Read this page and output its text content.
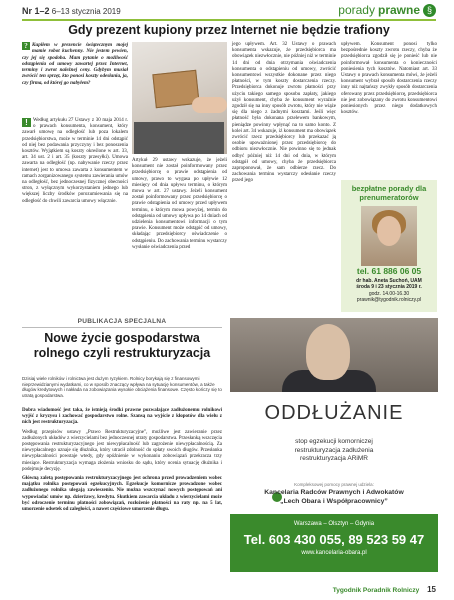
Nr 1–2 6–13 stycznia 2019	porady prawne §
Gdy prezent kupiony przez Internet nie będzie trafiony
? Kupiłem w prezencie świątecznym mojej mamie robot kuchenny. Nie jestem pewien, czy jej się spodoba. Mam pytanie o możliwość odstąpienia od umowy zawartej przez Internet, terminy i zwrot należnej ceny. Gdybym musiał zwrócić ten sprzęt, kto ponosi koszty odesłania, ja, czy firma, od której go nabyłem?
!	Według artykułu 27 Ustawy z 30 maja 2014 r. o prawach konsumenta, konsument, który zawarł umowę na odległość lub poza lokalem przedsiębiorstwa, może w terminie 14 dni odstąpić od niej bez podawania przyczyny i bez ponoszenia kosztów. Wyjątkiem są koszty określone w art. 33, art. 34 ust. 2 i art. 35 (koszty przesyłki). Umowa zawarta na odległość (np. nabywanie rzeczy przez internet) jest to umowa zawarta z konsumentem w ramach zorganizowanego systemu zawierania umów na odległość, bez jednoczesnej fizycznej obecności stron, z wyłącznym wykorzystaniem jednego lub większej liczby środków porozumiewania się na odległość do chwili zawarcia umowy włącznie.
Artykuł 29 ustawy wskazuje, że jeżeli konsument nie został poinformowany przez przedsiębiorcę o prawie odstąpienia od umowy, prawo to wygasa po upływie 12 miesięcy od dnia upływu terminu, o którym mowa w art. 27 ustawy. Jeżeli konsument został poinformowany przez przedsiębiorcę o prawie odstąpienia od umowy przed upływem terminu, o którym mowa powyżej, termin do odstąpienia od umowy upływa po 14 dniach od udzielenia konsumentowi informacji o tym prawie. Konsument może odstąpić od umowy, składając przedsiębiorcy oświadczenie o odstąpieniu. Do zachowania terminu wystarczy wysłanie oświadczenia przed
jego upływem. Art. 32 Ustawy o prawach konsumenta wskazuje, że przedsiębiorca ma obowiązek niezwłocznie, nie później niż w terminie 14 dni od dnia otrzymania oświadczenia konsumenta o odstąpieniu od umowy, zwrócić konsumentowi wszystkie dokonane przez niego płatności, w tym koszty dostarczenia rzeczy. Przedsiębiorca dokonuje zwrotu płatności przy użyciu takiego samego sposobu zapłaty, jakiego użył konsument, chyba że konsument wyraźnie zgodził się na inny sposób zwrotu, który nie wiąże się dla niego z żadnymi kosztami. Jeśli więc płatność była dokonana przelewem bankowym, pieniądze powinny wpłynąć na to samo konto. Z kolei art. 34 wskazuje, iż konsument ma obowiązek zwrócić rzecz przedsiębiorcy lub przekazać ją osobie upoważnionej przez przedsiębiorcę do odbioru niezwłocznie. Nie powinno się to jednak odbyć później niż 14 dni od dnia, w którym odstąpił od umowy, chyba że przedsiębiorca zaproponował, że sam odbierze rzecz. Do zachowania terminu wystarczy odesłanie rzeczy przed jego
upływem. Konsument ponosi tylko bezpośrednie koszty zwrotu rzeczy, chyba że przedsiębiorca zgodził się je ponieść lub nie poinformował konsumenta o konieczności poniesienia tych kosztów. Natomiast art. 33 Ustawy o prawach konsumenta mówi, że jeżeli konsument wybrał sposób dostarczenia rzeczy inny niż najtańszy zwykły sposób dostarczenia oferowany przez przedsiębiorcę, przedsiębiorca nie jest zobowiązany do zwrotu konsumentowi poniesionych przez niego dodatkowych kosztów.
bezpłatne porady dla prenumeratorów
tel. 61 886 06 05
dr hab. Aneta Suchoń, UAM
środa 9 i 23 stycznia 2019 r.
godz. 14.00-16.30
prawnik@tygodnik.rolniczy.pl
PUBLIKACJA SPECJALNA
Nowe życie gospodarstwa rolnego czyli restrukturyzacja
Dzisiaj wiele rolników i rolnictwa jest dużym ryzykiem. Rolnicy borykają się z finansowymi nieprzewidzianymi wydatkami, co w sposób znaczący wpływa na sytuację konsumentów, a także długów kredytowych i nakłada na zobowiązania wysokie obciążenia finansowe. Często kończy się to utratą gospodarstwa.

Dobra wiadomość jest taka, że istnieją środki prawne pozwalające zadłużonemu rolnikowi wyjść z kryzysu i zachować gospodarstwo rolne. Szansą na wyjście z kłopotów dla wielu z nich jest restrukturyzacja.

Według przepisów ustawy „Prawo Restrukturyzacyjne”, możliwe jest zawieranie przez zadłużonych układów z wierzycielami bez jednoczesnej utraty gospodarstwa. Przesłanką wszczęcia postępowania restrukturyzacyjnego jest niewypłacalność lub zagrożenie niewypłacalnością. Za niewypłacalnego uznaje się dłużnika, który utracił zdolność do spłaty swoich długów. Przesłanka niewypłacalności powstaje wtedy, gdy opóźnienie w wykonaniu zobowiązań przekracza trzy miesiące. Restrukturyzacja wymaga złożenia wniosku do sądu, który ocenia sytuację dłużnika i podejmuje decyzję.

Główną zaletą postępowania restrukturyzacyjnego jest ochrona przed prowadzeniem wobec majątku rolnika postępowań egzekucyjnych. Egzekucje komornicze prowadzone wobec zadłużonego rolnika ulegają zawieszeniu. Nie można wszczynać nowych postępowań ani wypowiadać umów np. dzierżawy, kredytu. Skutkiem zawarcia układu z wierzycielami może być odroczenie terminu płatności zobowiązań, rozłożenie płatności na raty np. na 5 lat, umorzenie odsetek od zaległości, a nawet częściowe umorzenie długu.

ODDŁUŻANIE
stop egzekucji komorniczej
restrukturyzacja zadłużenia
restrukturyzacja ARiMR
Kompleksowej pomocy prawnej udziela:
Kancelaria Radców Prawnych i Adwokatów
„Lech Obara i Współpracownicy”
Warszawa – Olsztyn – Gdynia
Tel. 603 430 055, 89 523 59 47
www.kancelaria-obara.pl
Tygodnik Poradnik Rolniczy 15
